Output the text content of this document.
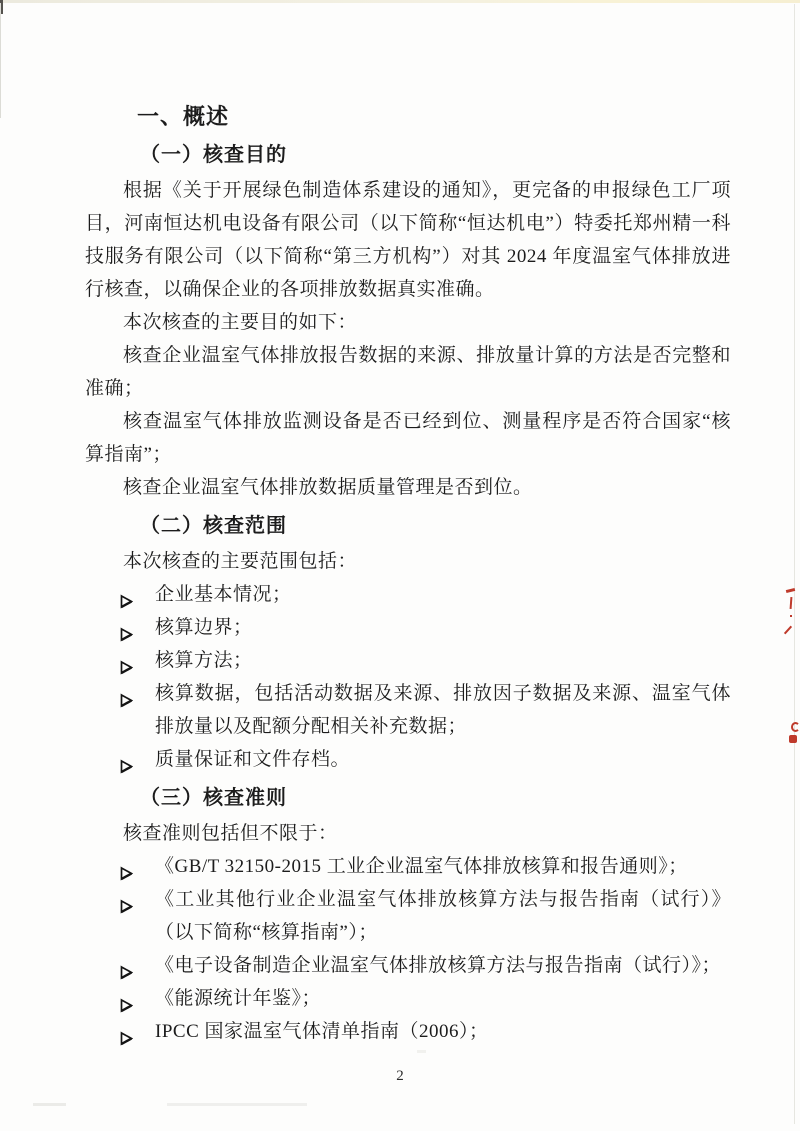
一、概述
（一）核查目的

根据《关于开展绿色制造体系建设的通知》，更完备的申报绿色工厂项目，河南恒达机电设备有限公司（以下简称“恒达机电”）特委托郑州精一科技服务有限公司（以下简称“第三方机构”）对其 2024 年度温室气体排放进行核查，以确保企业的各项排放数据真实准确。

本次核查的主要目的如下：

核查企业温室气体排放报告数据的来源、排放量计算的方法是否完整和准确；

核查温室气体排放监测设备是否已经到位、测量程序是否符合国家“核算指南”；

核查企业温室气体排放数据质量管理是否到位。

（二）核查范围

本次核查的主要范围包括：

企业基本情况；
核算边界；
核算方法；
核算数据，包括活动数据及来源、排放因子数据及来源、温室气体排放量以及配额分配相关补充数据；
质量保证和文件存档。
（三）核查准则

核查准则包括但不限于：

《GB/T 32150-2015 工业企业温室气体排放核算和报告通则》；
《工业其他行业企业温室气体排放核算方法与报告指南（试行）》（以下简称“核算指南”）；
《电子设备制造企业温室气体排放核算方法与报告指南（试行）》；
《能源统计年鉴》；
IPCC 国家温室气体清单指南（2006）；
2
